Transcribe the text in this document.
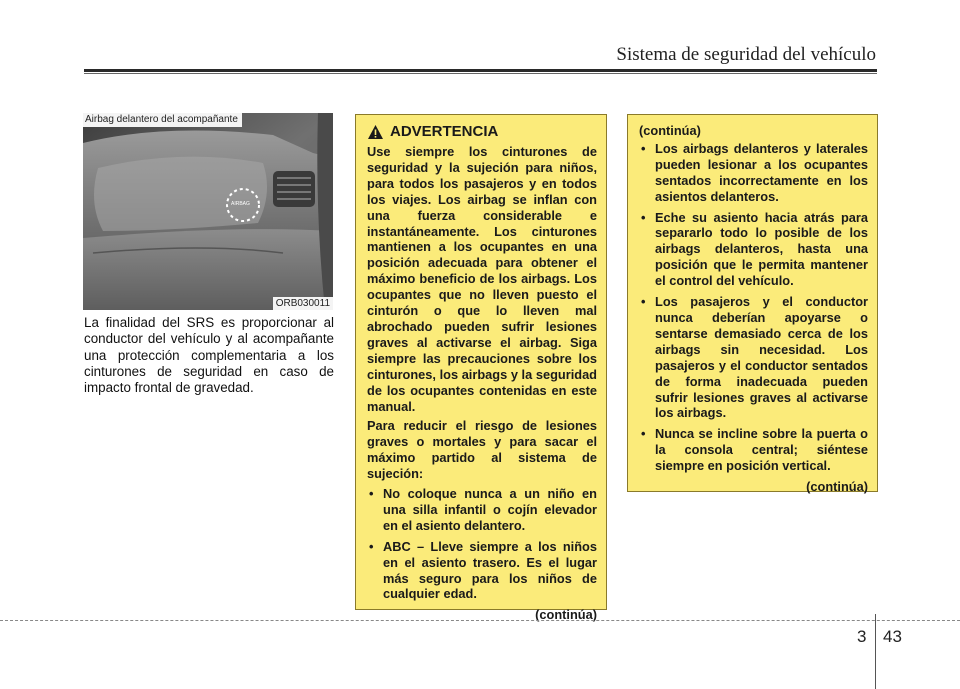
Sistema de seguridad del vehículo
AIRBAG
Airbag delantero del acompañante
ORB030011
La finalidad del SRS es proporcionar al conductor del vehículo y al acompañante una protección complementaria a los cinturones de seguridad en caso de impacto frontal de gravedad.
ADVERTENCIA

Use siempre los cinturones de seguridad y la sujeción para niños, para todos los pasajeros y en todos los viajes. Los airbag se inflan con una fuerza considerable e instantáneamente. Los cinturones mantienen a los ocupantes en una posición adecuada para obtener el máximo beneficio de los airbags. Los ocupantes que no lleven puesto el cinturón o que lo lleven mal abrochado pueden sufrir lesiones graves al activarse el airbag. Siga siempre las precauciones sobre los cinturones, los airbags y la seguridad de los ocupantes contenidas en este manual.

Para reducir el riesgo de lesiones graves o mortales y para sacar el máximo partido al sistema de sujeción:

• No coloque nunca a un niño en una silla infantil o cojín elevador en el asiento delantero.
• ABC – Lleve siempre a los niños en el asiento trasero. Es el lugar más seguro para los niños de cualquier edad.

(continúa)

(continúa)

• Los airbags delanteros y laterales pueden lesionar a los ocupantes sentados incorrectamente en los asientos delanteros.
• Eche su asiento hacia atrás para separarlo todo lo posible de los airbags delanteros, hasta una posición que le permita mantener el control del vehículo.
• Los pasajeros y el conductor nunca deberían apoyarse o sentarse demasiado cerca de los airbags sin necesidad. Los pasajeros y el conductor sentados de forma inadecuada pueden sufrir lesiones graves al activarse los airbags.
• Nunca se incline sobre la puerta o la consola central; siéntese siempre en posición vertical.

(continúa)

3 43
